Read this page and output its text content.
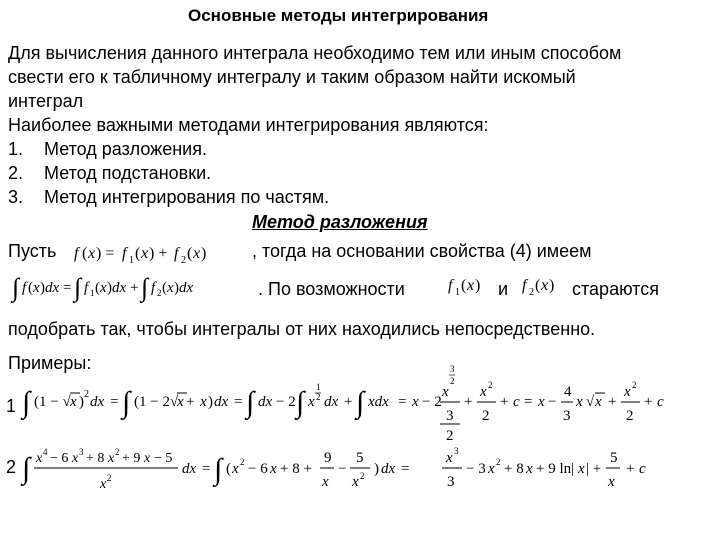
Основные методы интегрирования
Для вычисления данного интеграла необходимо тем или иным способом
свести его к табличному интегралу и таким образом найти искомый
интеграл
Наиболее важными методами интегрирования являются:
1. Метод разложения.
2. Метод подстановки.
3. Метод интегрирования по частям.
Метод разложения
Пусть f ( x ) = f 1 ( x ) + f 2 ( x )	, тогда на основании свойства (4) имеем
∫ f ( x ) dx = ∫ f 1 ( x ) dx + ∫ f 2 ( x ) dx	. По возможности	f 1 ( x ) и f 2 ( x ) стараются
подобрать так, чтобы интегралы от них находились непосредственно.
Примеры:
1 ∫ (1 − √ x ) 2 dx = ∫ (1 − 2√
x + x ) dx = ∫ dx − 2 ∫ x
1
2 dx + ∫ xdx = x − 2
x
3
2
3
2
+
x 2
2
+ c = x −
4
3
x √ x +
x 2
2
+ c
2 ∫ x 4 − 6 x 3 + 8 x 2 + 9 x − 5
x 2
dx = ∫ ( x 2 − 6 x + 8 +
9
x
−
5
x 2 ) dx =
x 3
3
− 3 x 2 + 8 x + 9 ln| x | +
5
x
+ c
